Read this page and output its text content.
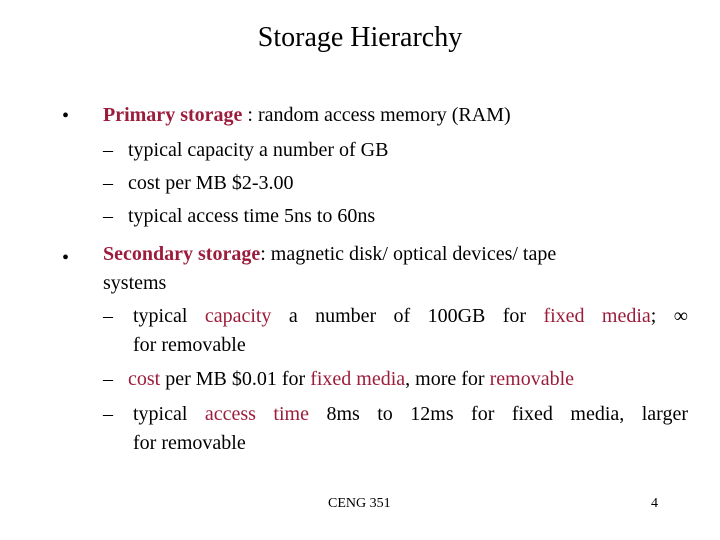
Storage Hierarchy
• Primary storage : random access memory (RAM)
– typical capacity a number of GB
– cost per MB $2-3.00
– typical access time 5ns to 60ns
• Secondary storage: magnetic disk/ optical devices/ tape
systems
– typical capacity a number of 100GB for fixed media; ∞
for removable
– cost per MB $0.01 for fixed media, more for removable
– typical access time 8ms to 12ms for fixed media, larger
for removable
CENG 351	4
